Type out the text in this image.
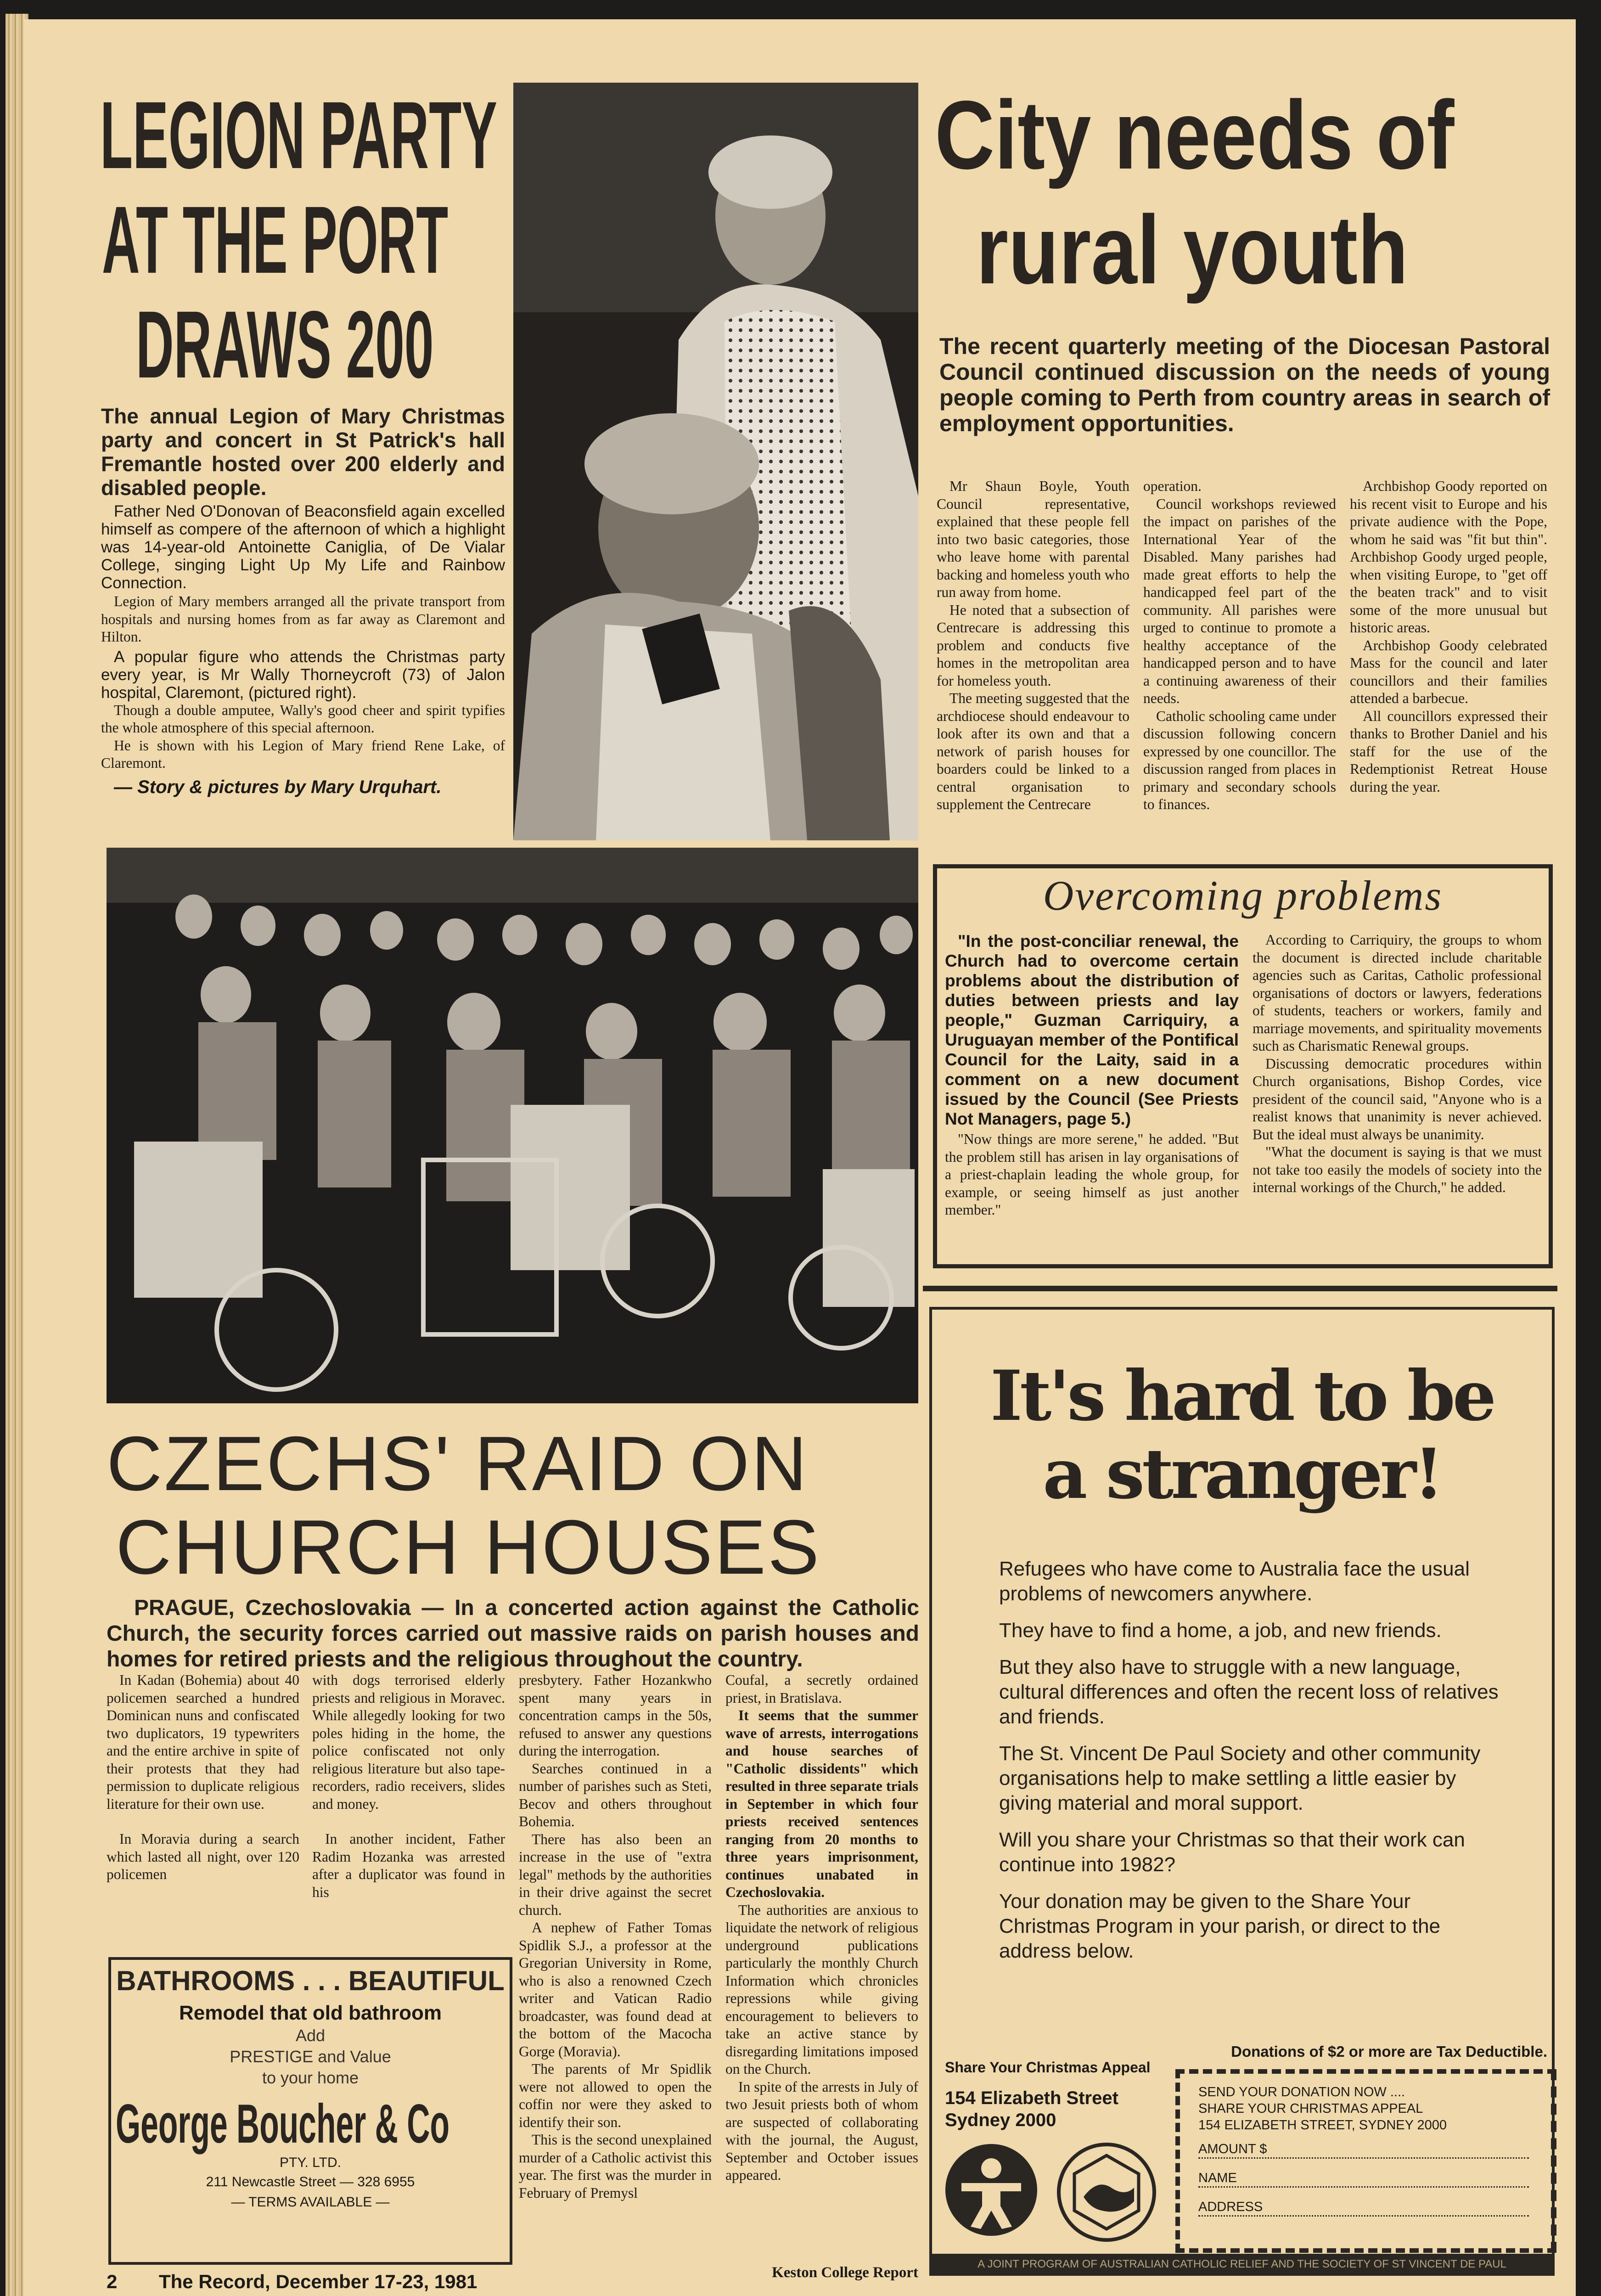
LEGION PARTY
AT THE PORT
DRAWS 200
The annual Legion of Mary Christmas party and concert in St Patrick's hall Fremantle hosted over 200 elderly and disabled people.
Father Ned O'Donovan of Beaconsfield again excelled himself as compere of the afternoon of which a highlight was 14-year-old Antoinette Caniglia, of De Vialar College, singing Light Up My Life and Rainbow Connection.

Legion of Mary members arranged all the private transport from hospitals and nursing homes from as far away as Claremont and Hilton.

A popular figure who attends the Christmas party every year, is Mr Wally Thorneycroft (73) of Jalon hospital, Claremont, (pictured right).

Though a double amputee, Wally's good cheer and spirit typifies the whole atmosphere of this special afternoon.

He is shown with his Legion of Mary friend Rene Lake, of Claremont.

— Story & pictures by Mary Urquhart.
City needs of
rural youth
The recent quarterly meeting of the Diocesan Pastoral Council continued discussion on the needs of young people coming to Perth from country areas in search of employment opportunities.

Mr Shaun Boyle, Youth Council representative, explained that these people fell into two basic categories, those who leave home with parental backing and homeless youth who run away from home.

He noted that a subsection of Centrecare is addressing this problem and conducts five homes in the metropolitan area for homeless youth.

The meeting suggested that the archdiocese should endeavour to look after its own and that a network of parish houses for boarders could be linked to a central organisation to supplement the Centrecare

operation.

Council workshops reviewed the impact on parishes of the International Year of the Disabled. Many parishes had made great efforts to help the handicapped feel part of the community. All parishes were urged to continue to promote a healthy acceptance of the handicapped person and to have a continuing awareness of their needs.

Catholic schooling came under discussion following concern expressed by one councillor. The discussion ranged from places in primary and secondary schools to finances.

Archbishop Goody reported on his recent visit to Europe and his private audience with the Pope, whom he said was "fit but thin". Archbishop Goody urged people, when visiting Europe, to "get off the beaten track" and to visit some of the more unusual but historic areas.

Archbishop Goody celebrated Mass for the council and later councillors and their families attended a barbecue.

All councillors expressed their thanks to Brother Daniel and his staff for the use of the Redemptionist Retreat House during the year.

Overcoming problems
"In the post-conciliar renewal, the Church had to overcome certain problems about the distribution of duties between priests and lay people," Guzman Carriquiry, a Uruguayan member of the Pontifical Council for the Laity, said in a comment on a new document issued by the Council (See Priests Not Managers, page 5.)

"Now things are more serene," he added. "But the problem still has arisen in lay organisations of a priest-chaplain leading the whole group, for example, or seeing himself as just another member."

According to Carriquiry, the groups to whom the document is directed include charitable agencies such as Caritas, Catholic professional organisations of doctors or lawyers, federations of students, teachers or workers, family and marriage movements, and spirituality movements such as Charismatic Renewal groups.

Discussing democratic procedures within Church organisations, Bishop Cordes, vice president of the council said, "Anyone who is a realist knows that unanimity is never achieved. But the ideal must always be unanimity.

"What the document is saying is that we must not take too easily the models of society into the internal workings of the Church," he added.

CZECHS' RAID ON
CHURCH HOUSES
PRAGUE, Czechoslovakia — In a concerted action against the Catholic Church, the security forces carried out massive raids on parish houses and homes for retired priests and the religious throughout the country.

In Kadan (Bohemia) about 40 policemen searched a hundred Dominican nuns and confiscated two duplicators, 19 typewriters and the entire archive in spite of their protests that they had permission to duplicate religious literature for their own use.

In Moravia during a search which lasted all night, over 120 policemen

with dogs terrorised elderly priests and religious in Moravec. While allegedly looking for two poles hiding in the home, the police confiscated not only religious literature but also tape-recorders, radio receivers, slides and money.

In another incident, Father Radim Hozanka was arrested after a duplicator was found in his

presbytery. Father Hozankwho spent many years in concentration camps in the 50s, refused to answer any questions during the interrogation.

Searches continued in a number of parishes such as Steti, Becov and others throughout Bohemia.

There has also been an increase in the use of "extra legal" methods by the authorities in their drive against the secret church.

A nephew of Father Tomas Spidlik S.J., a professor at the Gregorian University in Rome, who is also a renowned Czech writer and Vatican Radio broadcaster, was found dead at the bottom of the Macocha Gorge (Moravia).

The parents of Mr Spidlik were not allowed to open the coffin nor were they asked to identify their son.

This is the second unexplained murder of a Catholic activist this year. The first was the murder in February of Premysl

Coufal, a secretly ordained priest, in Bratislava.

It seems that the summer wave of arrests, interrogations and house searches of "Catholic dissidents" which resulted in three separate trials in September in which four priests received sentences ranging from 20 months to three years imprisonment, continues unabated in Czechoslovakia.

The authorities are anxious to liquidate the network of religious underground publications particularly the monthly Church Information which chronicles repressions while giving encouragement to believers to take an active stance by disregarding limitations imposed on the Church.

In spite of the arrests in July of two Jesuit priests both of whom are suspected of collaborating with the journal, the August, September and October issues appeared.

Keston College Report
BATHROOMS . . . BEAUTIFUL
Remodel that old bathroom
Add
PRESTIGE and Value
to your home
George Boucher & Co
PTY. LTD.
211 Newcastle Street — 328 6955
— TERMS AVAILABLE —
It's hard to be
a stranger!
Refugees who have come to Australia face the usual problems of newcomers anywhere.
They have to find a home, a job, and new friends.
But they also have to struggle with a new language, cultural differences and often the recent loss of relatives and friends.
The St. Vincent De Paul Society and other community organisations help to make settling a little easier by giving material and moral support.
Will you share your Christmas so that their work can continue into 1982?
Your donation may be given to the Share Your Christmas Program in your parish, or direct to the address below.
Donations of $2 or more are Tax Deductible.
Share Your Christmas Appeal
154 Elizabeth Street
Sydney 2000
SEND YOUR DONATION NOW ....
SHARE YOUR CHRISTMAS APPEAL
154 ELIZABETH STREET, SYDNEY 2000
AMOUNT $
NAME
ADDRESS
A JOINT PROGRAM OF AUSTRALIAN CATHOLIC RELIEF AND THE SOCIETY OF ST VINCENT DE PAUL
2 The Record, December 17-23, 1981
